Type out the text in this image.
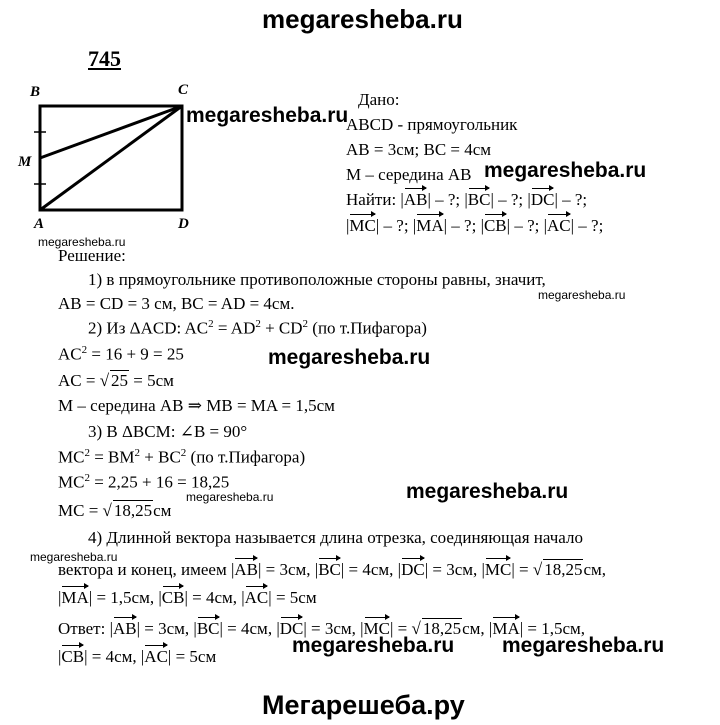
megaresheba.ru
745
B	C
M
A	D
megaresheba.ru
megaresheba.ru
Дано:
ABCD - прямоугольник
AB = 3см; BC = 4см
M – середина AB
Найти: |AB| – ?; |BC| – ?; |DC| – ?;
|MC| – ?; |MA| – ?; |CB| – ?; |AC| – ?;
megaresheba.ru
Решение:
1) в прямоугольнике противоположные стороны равны, значит,
megaresheba.ru
AB = CD = 3 см, BC = AD = 4см.
2) Из ΔACD: $AC^2 = AD^2 + CD^2$ (по т.Пифагора)
$AC^2 = 16 + 9 = 25$	megaresheba.ru
AC = √ 25 = 5см
M – середина AB ⇒ MB = MA = 1,5см
3) В ΔBCM: ∠B = 90°
$MC^2 = BM^2 + BC^2$ (по т.Пифагора)
$MC^2 = 2,25 + 16 = 18,25$
megaresheba.ru	megaresheba.ru
MC = √ 18,25см
4) Длинной вектора называется длина отрезка, соединяющая начало
megaresheba.ru
вектора и конец, имеем |AB| = 3см, |BC| = 4см, |DC| = 3см, |MC| = √ 18,25см,
|MA| = 1,5см, |CB| = 4см, |AC| = 5см
Ответ: |AB| = 3см, |BC| = 4см, |DC| = 3см, |MC| = √ 18,25см, |MA| = 1,5см,
megaresheba.ru megaresheba.ru
|CB| = 4см, |AC| = 5см
Мегарешеба.ру
